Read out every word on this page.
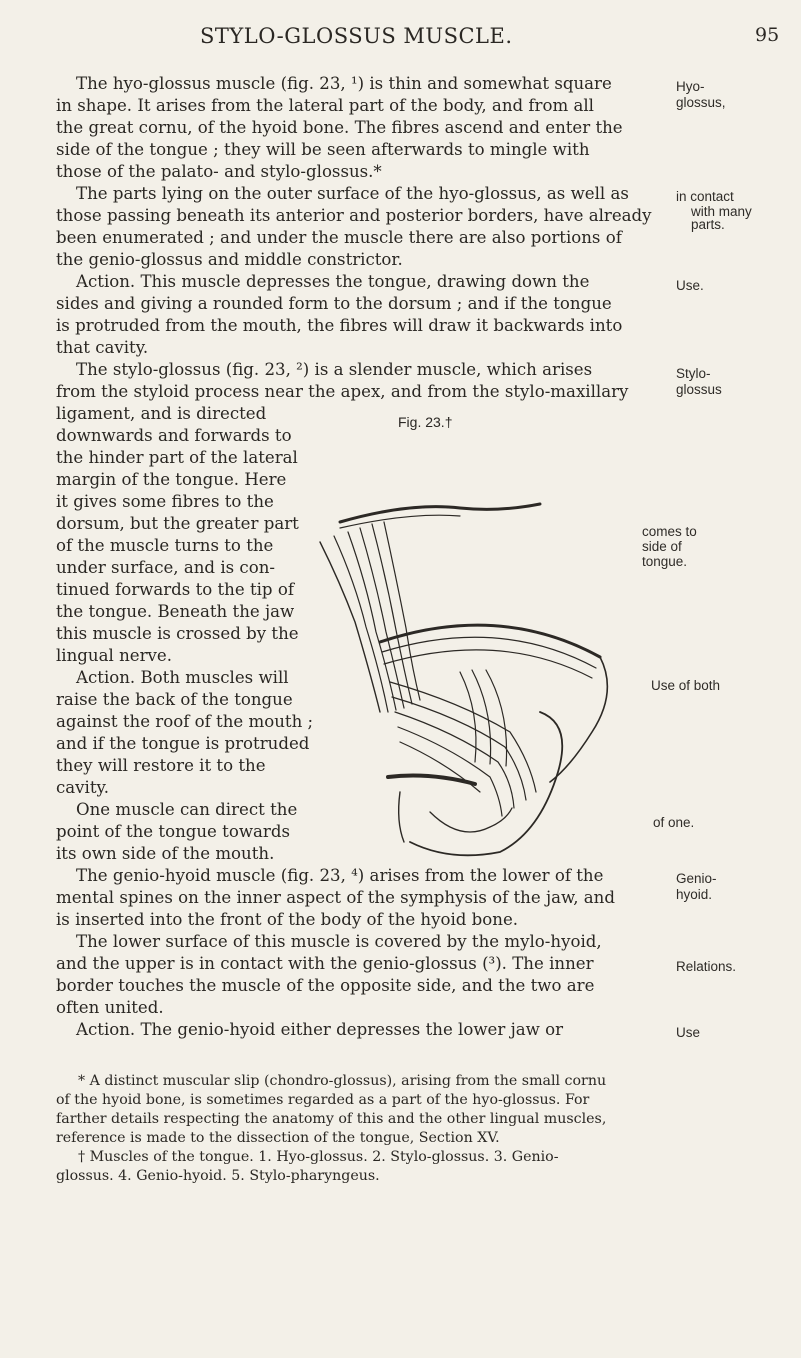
STYLO-GLOSSUS MUSCLE.	95
The hyo-glossus muscle (fig. 23, ¹) is thin and somewhat square
in shape. It arises from the lateral part of the body, and from all
the great cornu, of the hyoid bone. The fibres ascend and enter the
side of the tongue ; they will be seen afterwards to mingle with
those of the palato- and stylo-glossus.*
The parts lying on the outer surface of the hyo-glossus, as well as
those passing beneath its anterior and posterior borders, have already
been enumerated ; and under the muscle there are also portions of
the genio-glossus and middle constrictor.
Action. This muscle depresses the tongue, drawing down the
sides and giving a rounded form to the dorsum ; and if the tongue
is protruded from the mouth, the fibres will draw it backwards into
that cavity.
The stylo-glossus (fig. 23, ²) is a slender muscle, which arises
from the styloid process near the apex, and from the stylo-maxillary
ligament, and is directed
downwards and forwards to
the hinder part of the lateral
margin of the tongue. Here
it gives some fibres to the
dorsum, but the greater part
of the muscle turns to the
under surface, and is con-
tinued forwards to the tip of
the tongue. Beneath the jaw
this muscle is crossed by the
lingual nerve.
Action. Both muscles will
raise the back of the tongue
against the roof of the mouth ;
and if the tongue is protruded
they will restore it to the
cavity.
One muscle can direct the
point of the tongue towards
its own side of the mouth.
The genio-hyoid muscle (fig. 23, ⁴) arises from the lower of the
mental spines on the inner aspect of the symphysis of the jaw, and
is inserted into the front of the body of the hyoid bone.
The lower surface of this muscle is covered by the mylo-hyoid,
and the upper is in contact with the genio-glossus (³). The inner
border touches the muscle of the opposite side, and the two are
often united.
Action. The genio-hyoid either depresses the lower jaw or
Hyo-
glossus,
in contact
with many
parts.
Use.
Stylo-
glossus
comes to
side of
tongue.
Use of both
of one.
Genio-
hyoid.
Relations.
Use
Fig. 23.†
* A distinct muscular slip (chondro-glossus), arising from the small cornu
of the hyoid bone, is sometimes regarded as a part of the hyo-glossus. For
farther details respecting the anatomy of this and the other lingual muscles,
reference is made to the dissection of the tongue, Section XV.
† Muscles of the tongue. 1. Hyo-glossus. 2. Stylo-glossus. 3. Genio-
glossus. 4. Genio-hyoid. 5. Stylo-pharyngeus.
